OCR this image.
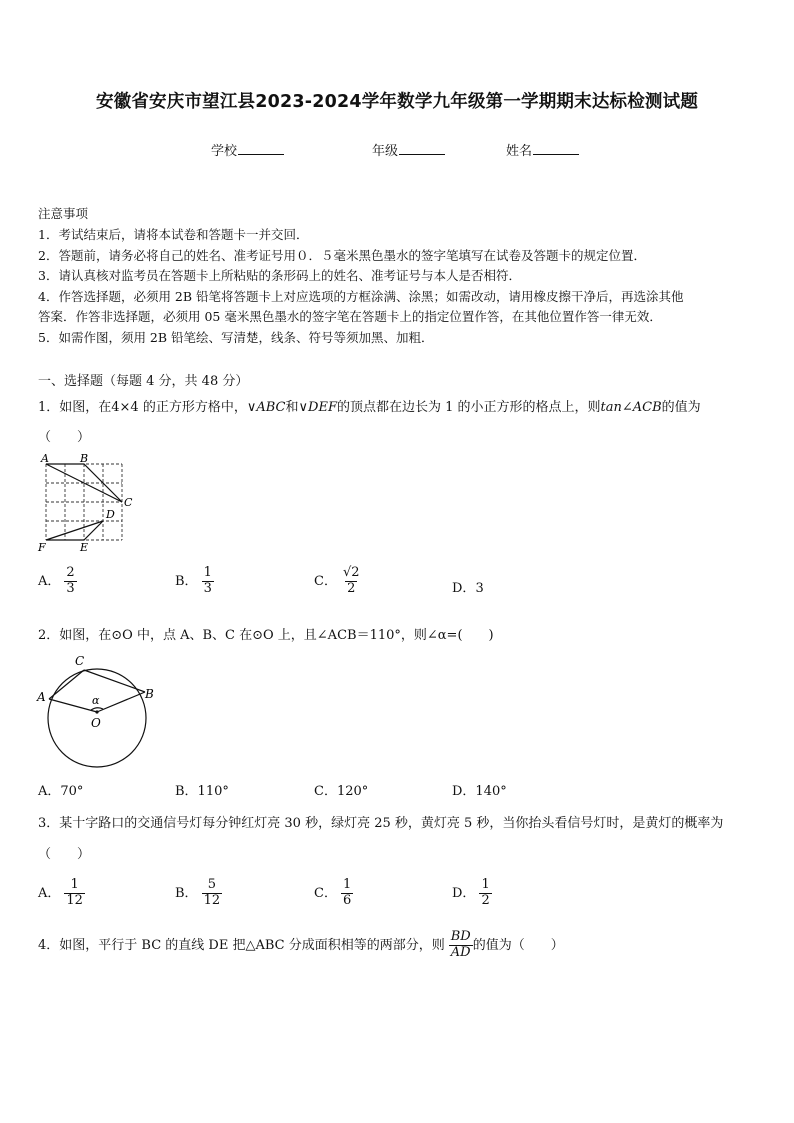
安徽省安庆市望江县2023-2024学年数学九年级第一学期期末达标检测试题
学校	年级	姓名
注意事项
1．考试结束后，请将本试卷和答题卡一并交回．
2．答题前，请务必将自己的姓名、准考证号用０．５毫米黑色墨水的签字笔填写在试卷及答题卡的规定位置．
3．请认真核对监考员在答题卡上所粘贴的条形码上的姓名、准考证号与本人是否相符．
4．作答选择题，必须用 2B 铅笔将答题卡上对应选项的方框涂满、涂黑；如需改动，请用橡皮擦干净后，再选涂其他
答案．作答非选择题，必须用 05 毫米黑色墨水的签字笔在答题卡上的指定位置作答，在其他位置作答一律无效．
5．如需作图，须用 2B 铅笔绘、写清楚，线条、符号等须加黑、加粗．
一、选择题（每题 4 分，共 48 分）
1．如图，在4×4 的正方形方格中，∨ABC和∨DEF的顶点都在边长为 1 的小正方形的格点上，则tan∠ACB的值为
（　　）
A	B
C
D
E
F
A． $\frac{2}{3}$	B． $\frac{1}{3}$	C． $\frac{√2}{2}$	D．3
2．如图，在⊙O 中，点 A、B、C 在⊙O 上，且∠ACB＝110°，则∠α=(　　)
A
C
B
O
α
A．70°	B．110°	C．120°	D．140°
3．某十字路口的交通信号灯每分钟红灯亮 30 秒，绿灯亮 25 秒，黄灯亮 5 秒，当你抬头看信号灯时，是黄灯的概率为
（　　）
A． $\frac{1}{12}$	B． $\frac{5}{12}$	C． $\frac{1}{6}$	D． $\frac{1}{2}$
4．如图，平行于 BC 的直线 DE 把△ABC 分成面积相等的两部分，则 $\frac{BD}{AD}$ 的值为（　　）
